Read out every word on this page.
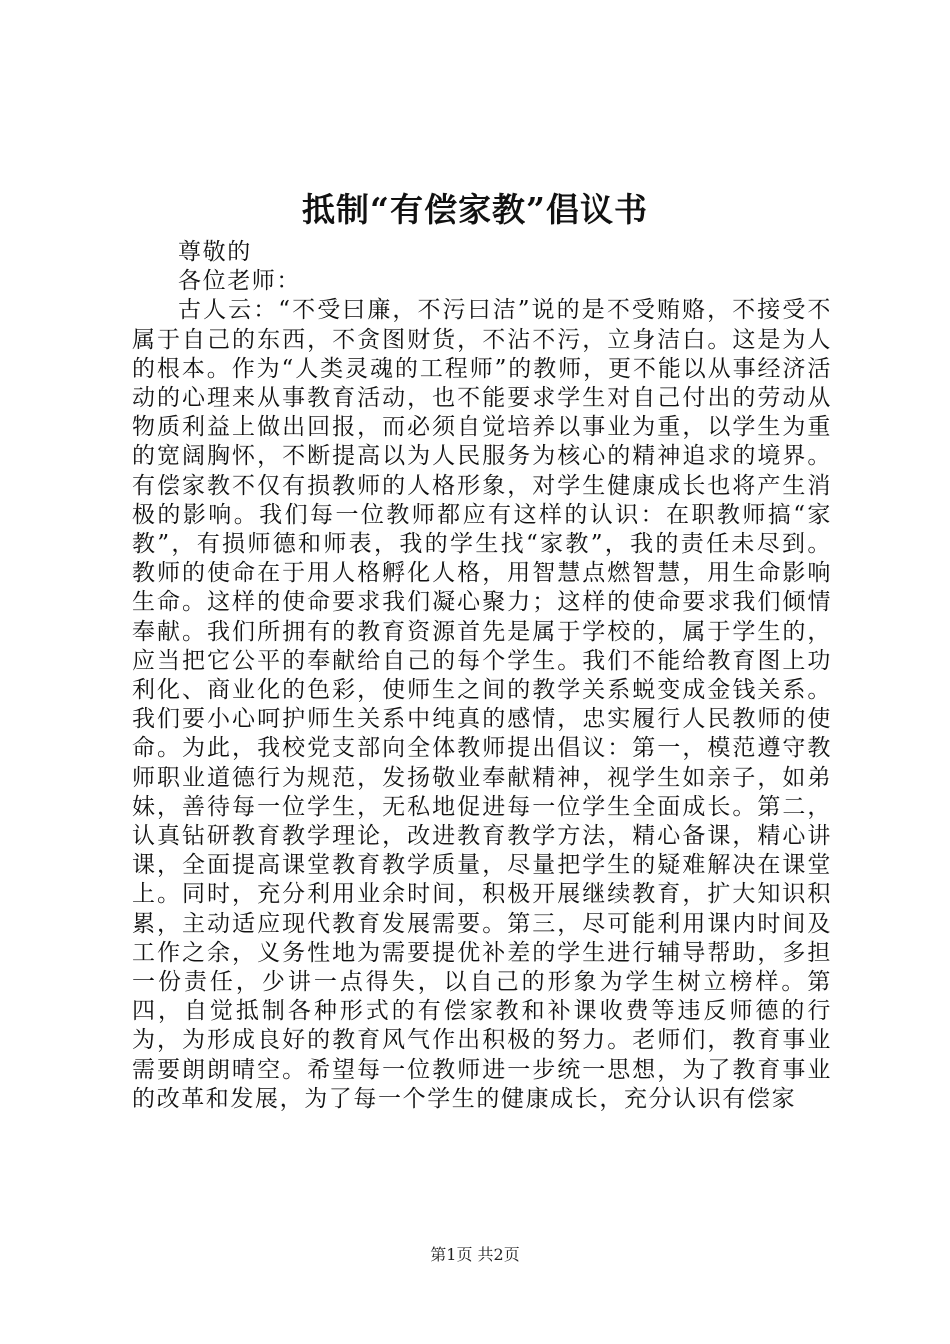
抵制“有偿家教”倡议书

尊敬的

各位老师：

古人云：“不受曰廉，不污曰洁”说的是不受贿赂，不接受不属于自己的东西，不贪图财货，不沾不污，立身洁白。这是为人的根本。作为“人类灵魂的工程师”的教师，更不能以从事经济活动的心理来从事教育活动，也不能要求学生对自己付出的劳动从物质利益上做出回报，而必须自觉培养以事业为重，以学生为重的宽阔胸怀，不断提高以为人民服务为核心的精神追求的境界。有偿家教不仅有损教师的人格形象，对学生健康成长也将产生消极的影响。我们每一位教师都应有这样的认识：在职教师搞“家教”，有损师德和师表，我的学生找“家教”，我的责任未尽到。教师的使命在于用人格孵化人格，用智慧点燃智慧，用生命影响生命。这样的使命要求我们凝心聚力；这样的使命要求我们倾情奉献。我们所拥有的教育资源首先是属于学校的，属于学生的，应当把它公平的奉献给自己的每个学生。我们不能给教育图上功利化、商业化的色彩，使师生之间的教学关系蜕变成金钱关系。我们要小心呵护师生关系中纯真的感情，忠实履行人民教师的使命。为此，我校党支部向全体教师提出倡议：第一，模范遵守教师职业道德行为规范，发扬敬业奉献精神，视学生如亲子，如弟妹，善待每一位学生，无私地促进每一位学生全面成长。第二，认真钻研教育教学理论，改进教育教学方法，精心备课，精心讲课，全面提高课堂教育教学质量，尽量把学生的疑难解决在课堂上。同时，充分利用业余时间，积极开展继续教育，扩大知识积累，主动适应现代教育发展需要。第三，尽可能利用课内时间及工作之余，义务性地为需要提优补差的学生进行辅导帮助，多担一份责任，少讲一点得失，以自己的形象为学生树立榜样。第四，自觉抵制各种形式的有偿家教和补课收费等违反师德的行为，为形成良好的教育风气作出积极的努力。老师们，教育事业需要朗朗晴空。希望每一位教师进一步统一思想，为了教育事业的改革和发展，为了每一个学生的健康成长，充分认识有偿家

第1页 共2页
